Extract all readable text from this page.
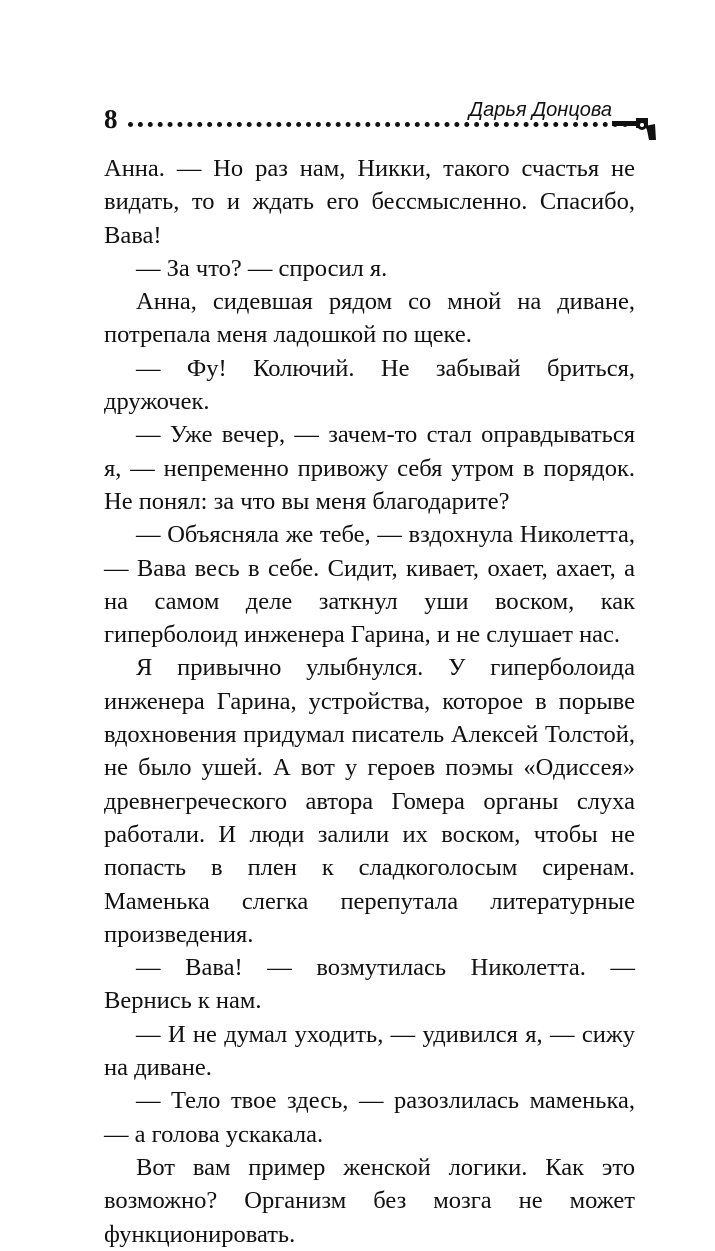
8	Дарья Донцова

Анна. — Но раз нам, Никки, такого счастья не видать, то и ждать его бессмысленно. Спасибо, Вава!

— За что? — спросил я.

Анна, сидевшая рядом со мной на диване, потрепала меня ладошкой по щеке.

— Фу! Колючий. Не забывай бриться, дружочек.

— Уже вечер, — зачем-то стал оправдываться я, — непременно привожу себя утром в порядок. Не понял: за что вы меня благодарите?

— Объясняла же тебе, — вздохнула Николетта, — Вава весь в себе. Сидит, кивает, охает, ахает, а на самом деле заткнул уши воском, как гиперболоид инженера Гарина, и не слушает нас.

Я привычно улыбнулся. У гиперболоида инженера Гарина, устройства, которое в порыве вдохновения придумал писатель Алексей Толстой, не было ушей. А вот у героев поэмы «Одиссея» древнегреческого автора Гомера органы слуха работали. И люди залили их воском, чтобы не попасть в плен к сладкоголосым сиренам. Маменька слегка перепутала литературные произведения.

— Вава! — возмутилась Николетта. — Вернись к нам.

— И не думал уходить, — удивился я, — сижу на диване.

— Тело твое здесь, — разозлилась маменька, — а голова ускакала.

Вот вам пример женской логики. Как это возможно? Организм без мозга не может функционировать.
